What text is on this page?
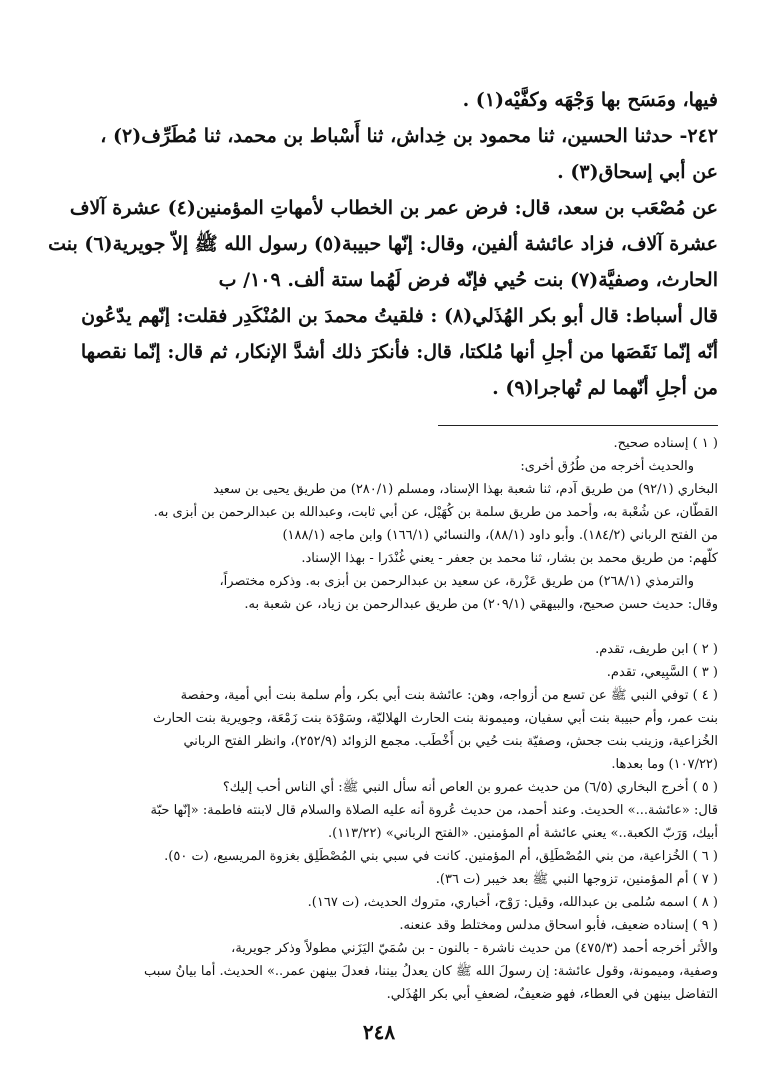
فيها، ومَسَح بها وَجْهَه وكفَّيْه(١) .
٢٤٢- حدثنا الحسين، ثنا محمود بن خِداش، ثنا أَسْباط بن محمد، ثنا مُطَرِّف(٢) ،
عن أبي إسحاق(٣) .
عن مُصْعَب بن سعد، قال: فرض عمر بن الخطاب لأمهاتِ المؤمنين(٤) عشرة آلاف
عشرة آلاف، فزاد عائشة ألفين، وقال: إنّها حبيبة(٥) رسول الله ﷺ إلاّ جويرية(٦) بنت
الحارث، وصفيَّة(٧) بنت حُيي فإنّه فرض لَهُما ستة ألف. ١٠٩/ ب
قال أسباط: قال أبو بكر الهُذَلي(٨) : فلقيتُ محمدَ بن المُنْكَدِر فقلت: إنّهم يدّعُون
أنّه إنّما نَقَصَها من أجلِ أنها مُلكتا، قال: فأنكرَ ذلك أشدَّ الإنكار، ثم قال: إنّما نقصها
من أجلِ أنّهما لم تُهاجرا(٩) .
( ١ ) إسناده صحيح.
والحديث أخرجه من طُرُق أخرى:
البخاري (٩٢/١) من طريق آدم، ثنا شعبة بهذا الإسناد، ومسلم (٢٨٠/١) من طريق يحيى بن سعيد
القطّان، عن شُعْبة به، وأحمد من طريق سلمة بن كُهَيْل، عن أبي ثابت، وعبدالله بن عبدالرحمن بن أبزى به.
من الفتح الرباني (١٨٤/٢). وأبو داود (٨٨/١)، والنسائي (١٦٦/١) وابن ماجه (١٨٨/١)
كلّهم: من طريق محمد بن بشار، ثنا محمد بن جعفر - يعني غُنْدَرا - بهذا الإسناد.
والترمذي (٢٦٨/١) من طريق عَزْرة، عن سعيد بن عبدالرحمن بن أبزى به. وذكره مختصراً،
وقال: حديث حسن صحيح، والبيهقي (٢٠٩/١) من طريق عبدالرحمن بن زياد، عن شعبة به.
( ٢ ) ابن طريف، تقدم.
( ٣ ) السَّبِيعي، تقدم.
( ٤ ) توفي النبي ﷺ عن تسع من أزواجه، وهن: عائشة بنت أبي بكر، وأم سلمة بنت أبي أمية، وحفصة
بنت عمر، وأم حبيبة بنت أبي سفيان، وميمونة بنت الحارث الهلاليّة، وسَوْدَة بنت زَمْعَة، وجويرية بنت الحارث
الخُزاعية، وزينب بنت جحش، وصفيّة بنت حُيي بن أَخْطَب. مجمع الزوائد (٢٥٢/٩)، وانظر الفتح الرباني
(١٠٧/٢٢) وما بعدها.
( ٥ ) أخرج البخاري (٦/٥) من حديث عمرو بن العاص أنه سأل النبي ﷺ: أي الناس أحب إليك؟
قال: «عائشة...» الحديث. وعند أحمد، من حديث عُروة أنه عليه الصلاة والسلام قال لابنته فاطمة: «إنّها حبّة
أبيك، وَرَبّ الكعبة..» يعني عائشة أم المؤمنين. «الفتح الرباني» (١١٣/٢٢).
( ٦ ) الخُزاعية، من بني المُصْطَلِق، أم المؤمنين. كانت في سبي بني المُصْطَلِق بغزوة المريسيع، (ت ٥٠).
( ٧ ) أم المؤمنين، تزوجها النبي ﷺ بعد خيبر (ت ٣٦).
( ٨ ) اسمه سُلمى بن عبدالله، وقيل: رَوْح، أخباري، متروك الحديث، (ت ١٦٧).
( ٩ ) إسناده ضعيف، فأبو اسحاق مدلس ومختلط وقد عنعنه.
والأثر أخرجه أحمد (٤٧٥/٣) من حديث ناشرة - بالنون - بن سُمَيّ اليَزَني مطولاً وذكر جويرية،
وصفية، وميمونة، وقول عائشة: إن رسولَ الله ﷺ كان يعدلُ بيننا، فعدلَ بينهن عمر..» الحديث. أما بيانُ سبب
التفاضل بينهن في العطاء، فهو ضعيفٌ، لضعفِ أبي بكر الهُذَلي.
٢٤٨
